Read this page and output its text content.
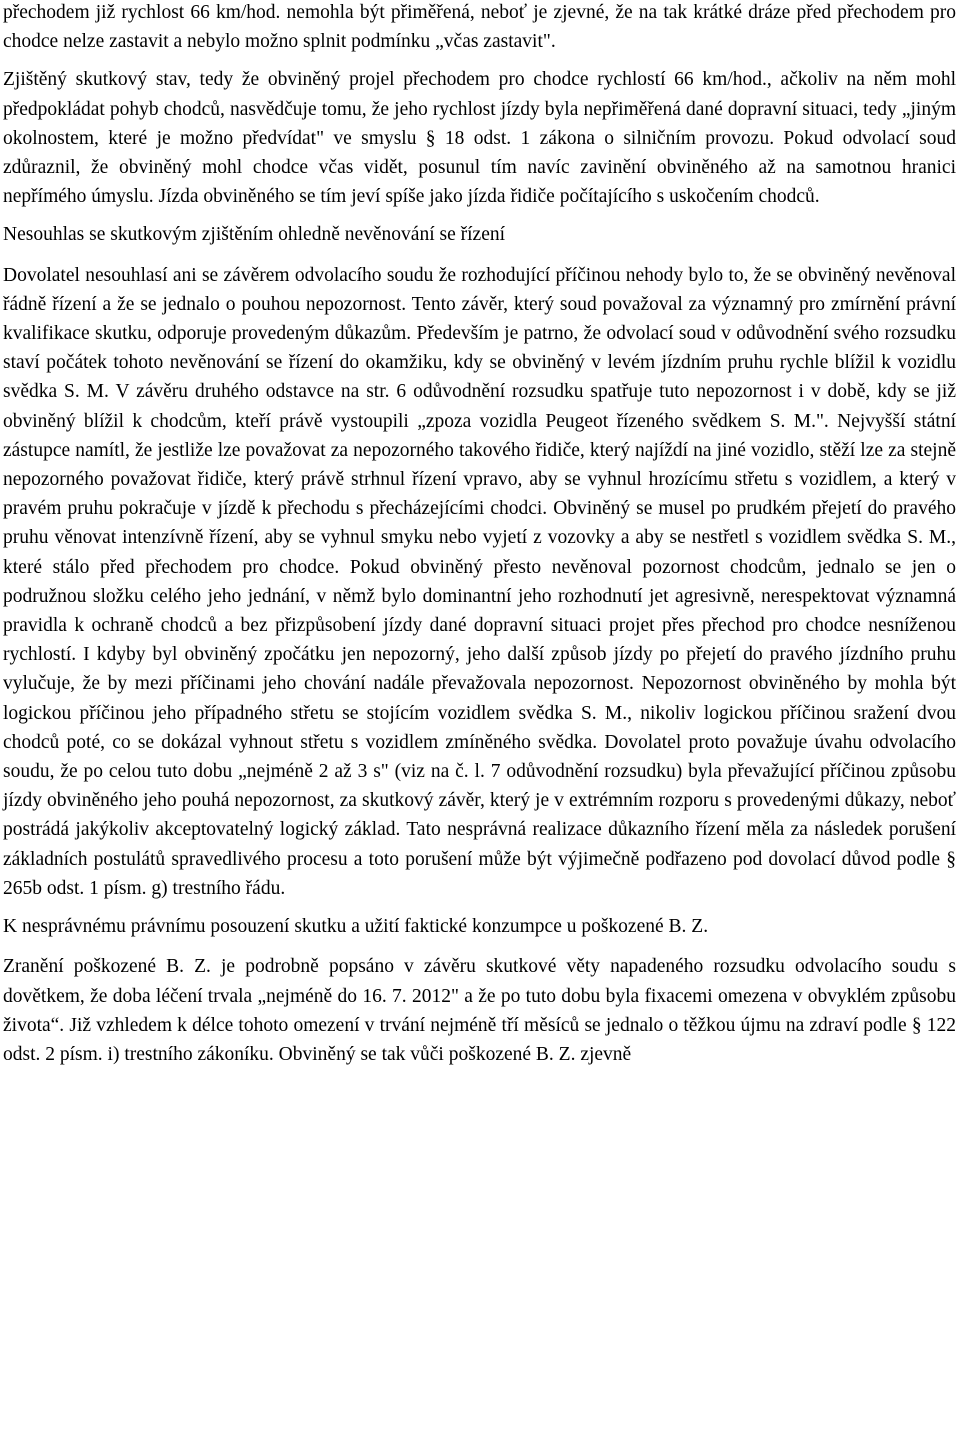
přechodem již rychlost 66 km/hod. nemohla být přiměřená, neboť je zjevné, že na tak krátké dráze před přechodem pro chodce nelze zastavit a nebylo možno splnit podmínku „včas zastavit".

Zjištěný skutkový stav, tedy že obviněný projel přechodem pro chodce rychlostí 66 km/hod., ačkoliv na něm mohl předpokládat pohyb chodců, nasvědčuje tomu, že jeho rychlost jízdy byla nepřiměřená dané dopravní situaci, tedy „jiným okolnostem, které je možno předvídat" ve smyslu § 18 odst. 1 zákona o silničním provozu. Pokud odvolací soud zdůraznil, že obviněný mohl chodce včas vidět, posunul tím navíc zavinění obviněného až na samotnou hranici nepřímého úmyslu. Jízda obviněného se tím jeví spíše jako jízda řidiče počítajícího s uskočením chodců.

Nesouhlas se skutkovým zjištěním ohledně nevěnování se řízení

Dovolatel nesouhlasí ani se závěrem odvolacího soudu že rozhodující příčinou nehody bylo to, že se obviněný nevěnoval řádně řízení a že se jednalo o pouhou nepozornost. Tento závěr, který soud považoval za významný pro zmírnění právní kvalifikace skutku, odporuje provedeným důkazům. Především je patrno, že odvolací soud v odůvodnění svého rozsudku staví počátek tohoto nevěnování se řízení do okamžiku, kdy se obviněný v levém jízdním pruhu rychle blížil k vozidlu svědka S. M. V závěru druhého odstavce na str. 6 odůvodnění rozsudku spatřuje tuto nepozornost i v době, kdy se již obviněný blížil k chodcům, kteří právě vystoupili „zpoza vozidla Peugeot řízeného svědkem S. M.". Nejvyšší státní zástupce namítl, že jestliže lze považovat za nepozorného takového řidiče, který najíždí na jiné vozidlo, stěží lze za stejně nepozorného považovat řidiče, který právě strhnul řízení vpravo, aby se vyhnul hrozícímu střetu s vozidlem, a který v pravém pruhu pokračuje v jízdě k přechodu s přecházejícími chodci. Obviněný se musel po prudkém přejetí do pravého pruhu věnovat intenzívně řízení, aby se vyhnul smyku nebo vyjetí z vozovky a aby se nestřetl s vozidlem svědka S. M., které stálo před přechodem pro chodce. Pokud obviněný přesto nevěnoval pozornost chodcům, jednalo se jen o podružnou složku celého jeho jednání, v němž bylo dominantní jeho rozhodnutí jet agresivně, nerespektovat významná pravidla k ochraně chodců a bez přizpůsobení jízdy dané dopravní situaci projet přes přechod pro chodce nesníženou rychlostí. I kdyby byl obviněný zpočátku jen nepozorný, jeho další způsob jízdy po přejetí do pravého jízdního pruhu vylučuje, že by mezi příčinami jeho chování nadále převažovala nepozornost. Nepozornost obviněného by mohla být logickou příčinou jeho případného střetu se stojícím vozidlem svědka S. M., nikoliv logickou příčinou sražení dvou chodců poté, co se dokázal vyhnout střetu s vozidlem zmíněného svědka. Dovolatel proto považuje úvahu odvolacího soudu, že po celou tuto dobu „nejméně 2 až 3 s" (viz na č. l. 7 odůvodnění rozsudku) byla převažující příčinou způsobu jízdy obviněného jeho pouhá nepozornost, za skutkový závěr, který je v extrémním rozporu s provedenými důkazy, neboť postrádá jakýkoliv akceptovatelný logický základ. Tato nesprávná realizace důkazního řízení měla za následek porušení základních postulátů spravedlivého procesu a toto porušení může být výjimečně podřazeno pod dovolací důvod podle § 265b odst. 1 písm. g) trestního řádu.

K nesprávnému právnímu posouzení skutku a užití faktické konzumpce u poškozené B. Z.

Zranění poškozené B. Z. je podrobně popsáno v závěru skutkové věty napadeného rozsudku odvolacího soudu s dovětkem, že doba léčení trvala „nejméně do 16. 7. 2012" a že po tuto dobu byla fixacemi omezena v obvyklém způsobu života“. Již vzhledem k délce tohoto omezení v trvání nejméně tří měsíců se jednalo o těžkou újmu na zdraví podle § 122 odst. 2 písm. i) trestního zákoníku. Obviněný se tak vůči poškozené B. Z. zjevně
